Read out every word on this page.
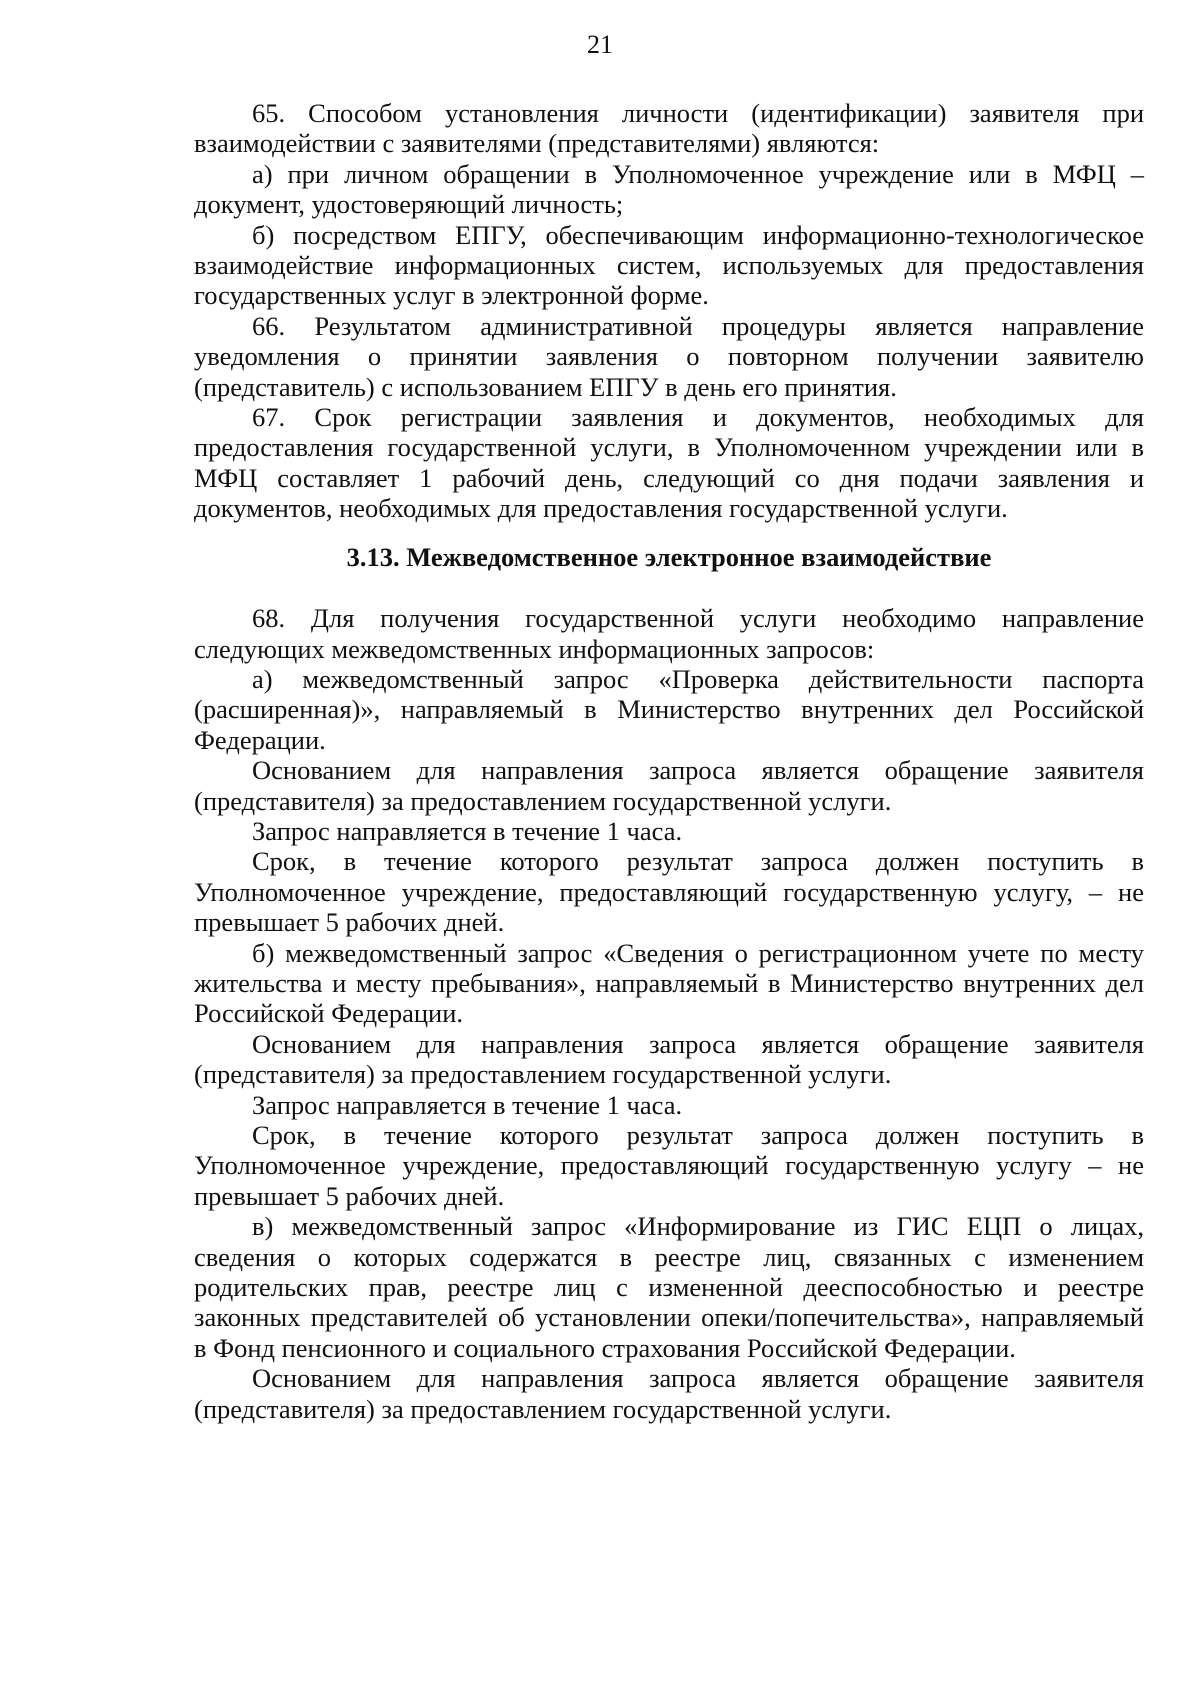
21

65. Способом установления личности (идентификации) заявителя при взаимодействии с заявителями (представителями) являются:

а) при личном обращении в Уполномоченное учреждение или в МФЦ – документ, удостоверяющий личность;

б) посредством ЕПГУ, обеспечивающим информационно-технологическое взаимодействие информационных систем, используемых для предоставления государственных услуг в электронной форме.

66. Результатом административной процедуры является направление уведомления о принятии заявления о повторном получении заявителю (представитель) с использованием ЕПГУ в день его принятия.

67. Срок регистрации заявления и документов, необходимых для предоставления государственной услуги, в Уполномоченном учреждении или в МФЦ составляет 1 рабочий день, следующий со дня подачи заявления и документов, необходимых для предоставления государственной услуги.

3.13. Межведомственное электронное взаимодействие

68. Для получения государственной услуги необходимо направление следующих межведомственных информационных запросов:

а) межведомственный запрос «Проверка действительности паспорта (расширенная)», направляемый в Министерство внутренних дел Российской Федерации.

Основанием для направления запроса является обращение заявителя (представителя) за предоставлением государственной услуги.

Запрос направляется в течение 1 часа.

Срок, в течение которого результат запроса должен поступить в Уполномоченное учреждение, предоставляющий государственную услугу, – не превышает 5 рабочих дней.

б) межведомственный запрос «Сведения о регистрационном учете по месту жительства и месту пребывания», направляемый в Министерство внутренних дел Российской Федерации.

Основанием для направления запроса является обращение заявителя (представителя) за предоставлением государственной услуги.

Запрос направляется в течение 1 часа.

Срок, в течение которого результат запроса должен поступить в Уполномоченное учреждение, предоставляющий государственную услугу – не превышает 5 рабочих дней.

в) межведомственный запрос «Информирование из ГИС ЕЦП о лицах, сведения о которых содержатся в реестре лиц, связанных с изменением родительских прав, реестре лиц с измененной дееспособностью и реестре законных представителей об установлении опеки/попечительства», направляемый в Фонд пенсионного и социального страхования Российской Федерации.

Основанием для направления запроса является обращение заявителя (представителя) за предоставлением государственной услуги.
